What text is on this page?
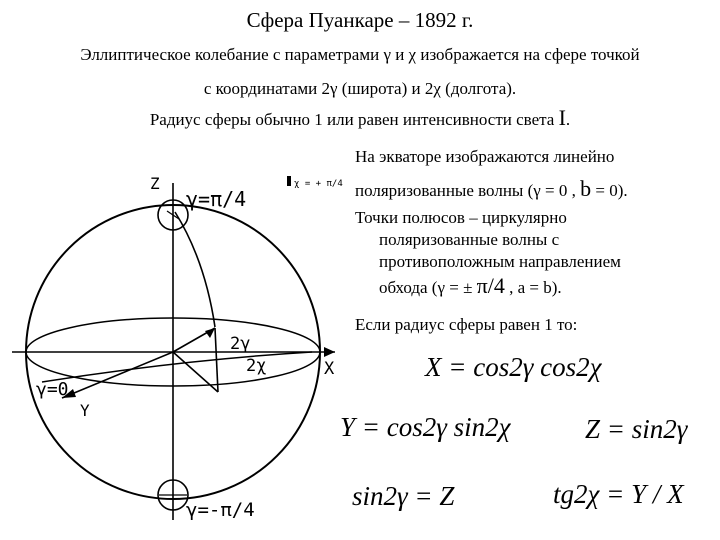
Сфера Пуанкаре – 1892 г.
Эллиптическое колебание с параметрами γ и χ изображается на сфере точкой
с координатами 2γ (широта) и 2χ (долгота).
Радиус сферы обычно 1 или равен интенсивности света I.
На экваторе изображаются линейно
поляризованные волны (γ = 0 , b = 0).
Точки полюсов – циркулярно
поляризованные волны с
противоположным направлением
обхода (γ = ± π/4 , a = b).
Если радиус сферы равен 1 то:
Z
γ=π/4
X
Y
γ=0
2γ
2χ
γ=-π/4
χ = + π/4
X = cos2γ cos2χ
Y = cos2γ sin2χ	Z = sin2γ
sin2γ = Z	tg2χ = Y / X
